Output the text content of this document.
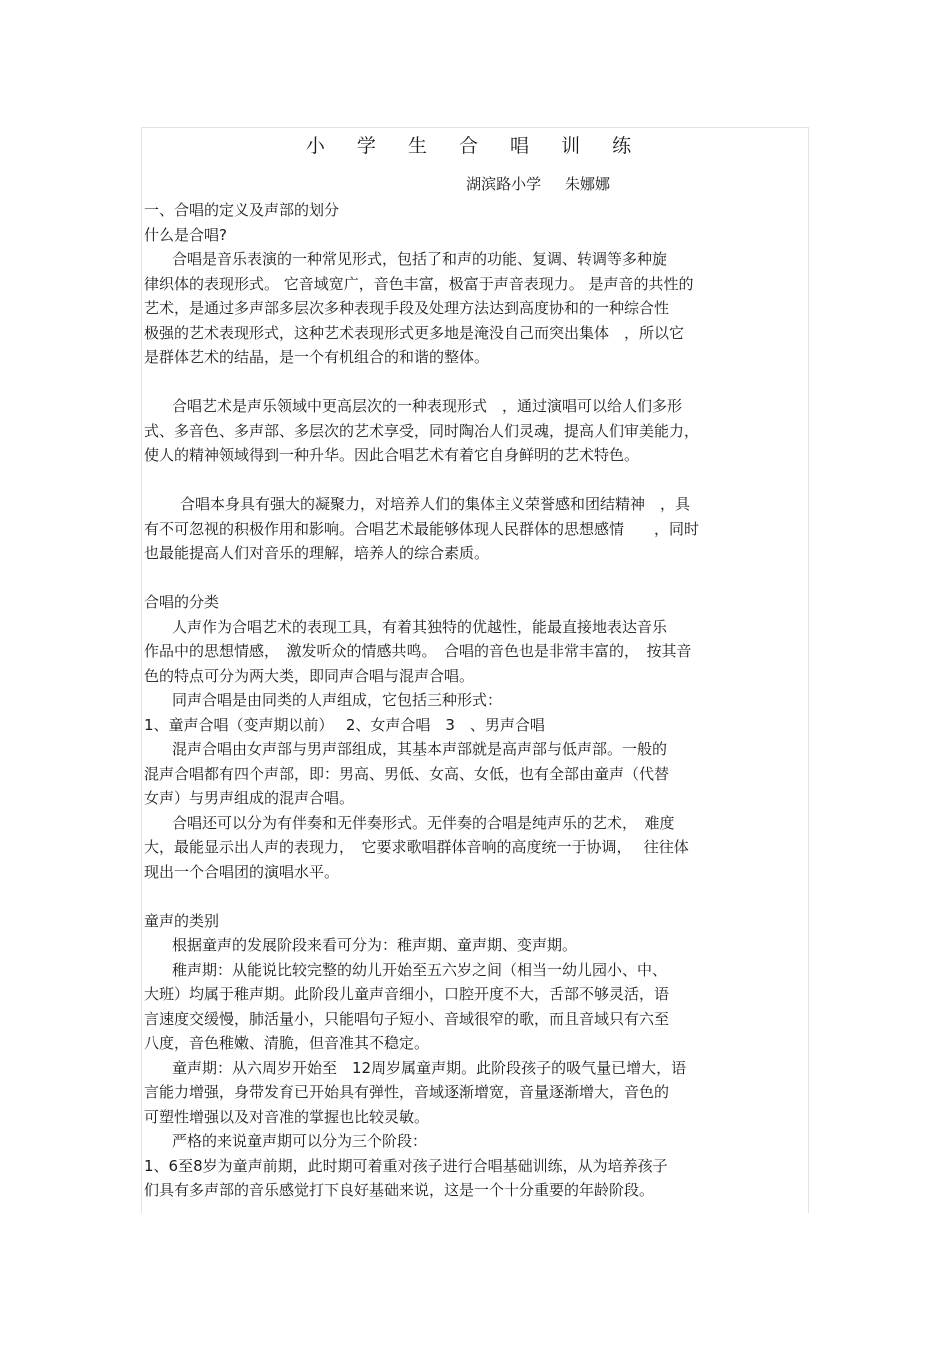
小 学 生 合 唱 训 练
湖滨路小学     朱娜娜
一、合唱的定义及声部的划分
什么是合唱?
合唱是音乐表演的一种常见形式，包括了和声的功能、复调、转调等多种旋
律织体的表现形式。 它音域宽广，音色丰富，极富于声音表现力。 是声音的共性的
艺术，是通过多声部多层次多种表现手段及处理方法达到高度协和的一种综合性
极强的艺术表现形式，这种艺术表现形式更多地是淹没自己而突出集体　，所以它
是群体艺术的结晶，是一个有机组合的和谐的整体。
合唱艺术是声乐领域中更高层次的一种表现形式　，通过演唱可以给人们多形
式、多音色、多声部、多层次的艺术享受，同时陶冶人们灵魂，提高人们审美能力，
使人的精神领域得到一种升华。因此合唱艺术有着它自身鲜明的艺术特色。
合唱本身具有强大的凝聚力，对培养人们的集体主义荣誉感和团结精神　，具
有不可忽视的积极作用和影响。合唱艺术最能够体现人民群体的思想感情　　，同时
也最能提高人们对音乐的理解，培养人的综合素质。
合唱的分类
人声作为合唱艺术的表现工具，有着其独特的优越性，能最直接地表达音乐
作品中的思想情感，　激发听众的情感共鸣。　合唱的音色也是非常丰富的，　按其音
色的特点可分为两大类，即同声合唱与混声合唱。
同声合唱是由同类的人声组成，它包括三种形式：
1、童声合唱（变声期以前）　 2、女声合唱　3　、男声合唱
混声合唱由女声部与男声部组成，其基本声部就是高声部与低声部。一般的
混声合唱都有四个声部，即：男高、男低、女高、女低，也有全部由童声（代替
女声）与男声组成的混声合唱。
合唱还可以分为有伴奏和无伴奏形式。无伴奏的合唱是纯声乐的艺术，　难度
大，最能显示出人声的表现力，　它要求歌唱群体音响的高度统一于协调，　 往往体
现出一个合唱团的演唱水平。
童声的类别
根据童声的发展阶段来看可分为：稚声期、童声期、变声期。
稚声期：从能说比较完整的幼儿开始至五六岁之间（相当一幼儿园小、中、
大班）均属于稚声期。此阶段儿童声音细小，口腔开度不大，舌部不够灵活，语
言速度交缓慢，肺活量小，只能唱句子短小、音域很窄的歌，而且音域只有六至
八度，音色稚嫩、清脆，但音准其不稳定。
童声期：从六周岁开始至　12周岁属童声期。此阶段孩子的吸气量已增大，语
言能力增强，身带发育已开始具有弹性，音域逐渐增宽，音量逐渐增大，音色的
可塑性增强以及对音准的掌握也比较灵敏。
严格的来说童声期可以分为三个阶段：
1、6至8岁为童声前期，此时期可着重对孩子进行合唱基础训练，从为培养孩子
们具有多声部的音乐感觉打下良好基础来说，这是一个十分重要的年龄阶段。
